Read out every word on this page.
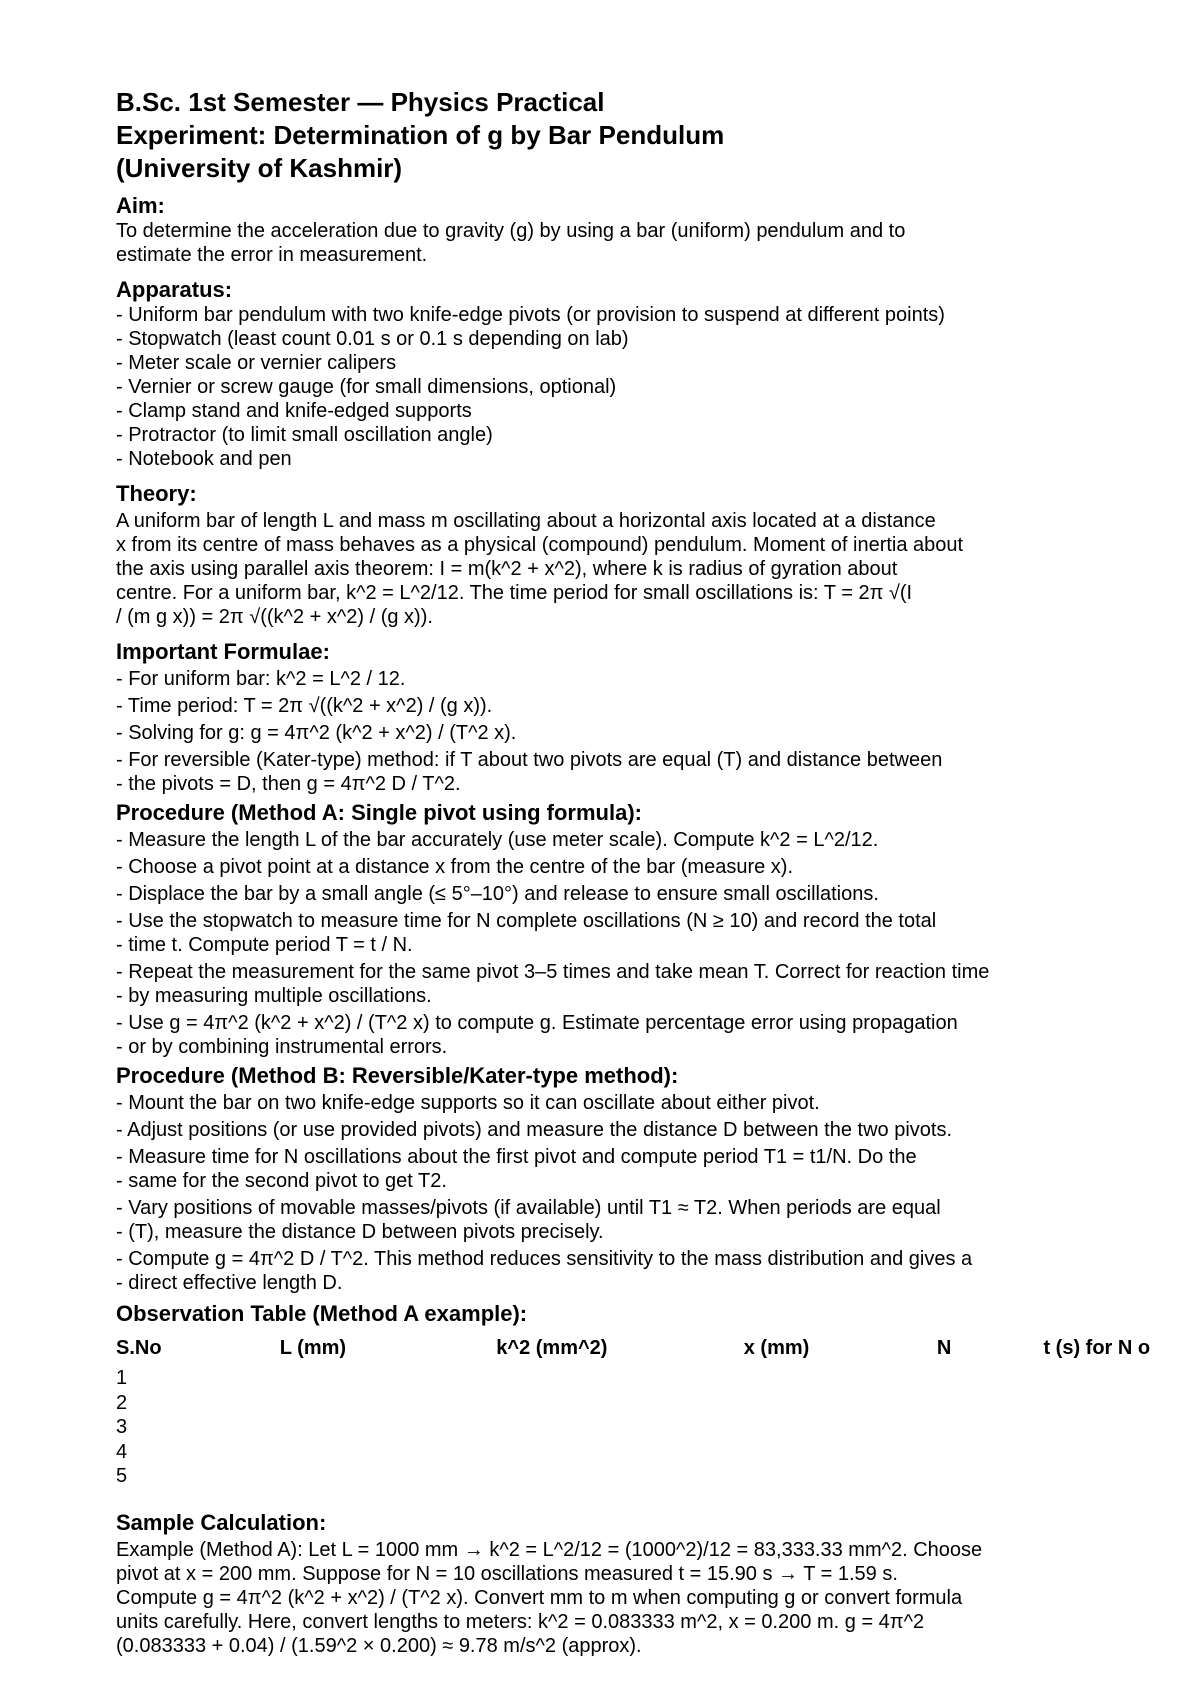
B.Sc. 1st Semester — Physics Practical
Experiment: Determination of g by Bar Pendulum
(University of Kashmir)
Aim:

To determine the acceleration due to gravity (g) by using a bar (uniform) pendulum and to
estimate the error in measurement.

Apparatus:
- Uniform bar pendulum with two knife-edge pivots (or provision to suspend at different points)
- Stopwatch (least count 0.01 s or 0.1 s depending on lab)
- Meter scale or vernier calipers
- Vernier or screw gauge (for small dimensions, optional)
- Clamp stand and knife-edged supports
- Protractor (to limit small oscillation angle)
- Notebook and pen
Theory:

A uniform bar of length L and mass m oscillating about a horizontal axis located at a distance
x from its centre of mass behaves as a physical (compound) pendulum. Moment of inertia about
the axis using parallel axis theorem: I = m(k^2 + x^2), where k is radius of gyration about
centre. For a uniform bar, k^2 = L^2/12. The time period for small oscillations is: T = 2π √(I
/ (m g x)) = 2π √((k^2 + x^2) / (g x)).

Important Formulae:
- For uniform bar: k^2 = L^2 / 12.
- Time period: T = 2π √((k^2 + x^2) / (g x)).
- Solving for g: g = 4π^2 (k^2 + x^2) / (T^2 x).
- For reversible (Kater-type) method: if T about two pivots are equal (T) and distance between
- the pivots = D, then g = 4π^2 D / T^2.
Procedure (Method A: Single pivot using formula):
- Measure the length L of the bar accurately (use meter scale). Compute k^2 = L^2/12.
- Choose a pivot point at a distance x from the centre of the bar (measure x).
- Displace the bar by a small angle (≤ 5°–10°) and release to ensure small oscillations.
- Use the stopwatch to measure time for N complete oscillations (N ≥ 10) and record the total
- time t. Compute period T = t / N.
- Repeat the measurement for the same pivot 3–5 times and take mean T. Correct for reaction time
- by measuring multiple oscillations.
- Use g = 4π^2 (k^2 + x^2) / (T^2 x) to compute g. Estimate percentage error using propagation
- or by combining instrumental errors.
Procedure (Method B: Reversible/Kater-type method):
- Mount the bar on two knife-edge supports so it can oscillate about either pivot.
- Adjust positions (or use provided pivots) and measure the distance D between the two pivots.
- Measure time for N oscillations about the first pivot and compute period T1 = t1/N. Do the
- same for the second pivot to get T2.
- Vary positions of movable masses/pivots (if available) until T1 ≈ T2. When periods are equal
- (T), measure the distance D between pivots precisely.
- Compute g = 4π^2 D / T^2. This method reduces sensitivity to the mass distribution and gives a
- direct effective length D.
Observation Table (Method A example):
S.No	L (mm)	k^2 (mm^2)	x (mm)	N	t (s) for N o
1					
2					
3					
4					
5					
Sample Calculation:

Example (Method A): Let L = 1000 mm → k^2 = L^2/12 = (1000^2)/12 = 83,333.33 mm^2. Choose
pivot at x = 200 mm. Suppose for N = 10 oscillations measured t = 15.90 s → T = 1.59 s.
Compute g = 4π^2 (k^2 + x^2) / (T^2 x). Convert mm to m when computing g or convert formula
units carefully. Here, convert lengths to meters: k^2 = 0.083333 m^2, x = 0.200 m. g = 4π^2
(0.083333 + 0.04) / (1.59^2 × 0.200) ≈ 9.78 m/s^2 (approx).
